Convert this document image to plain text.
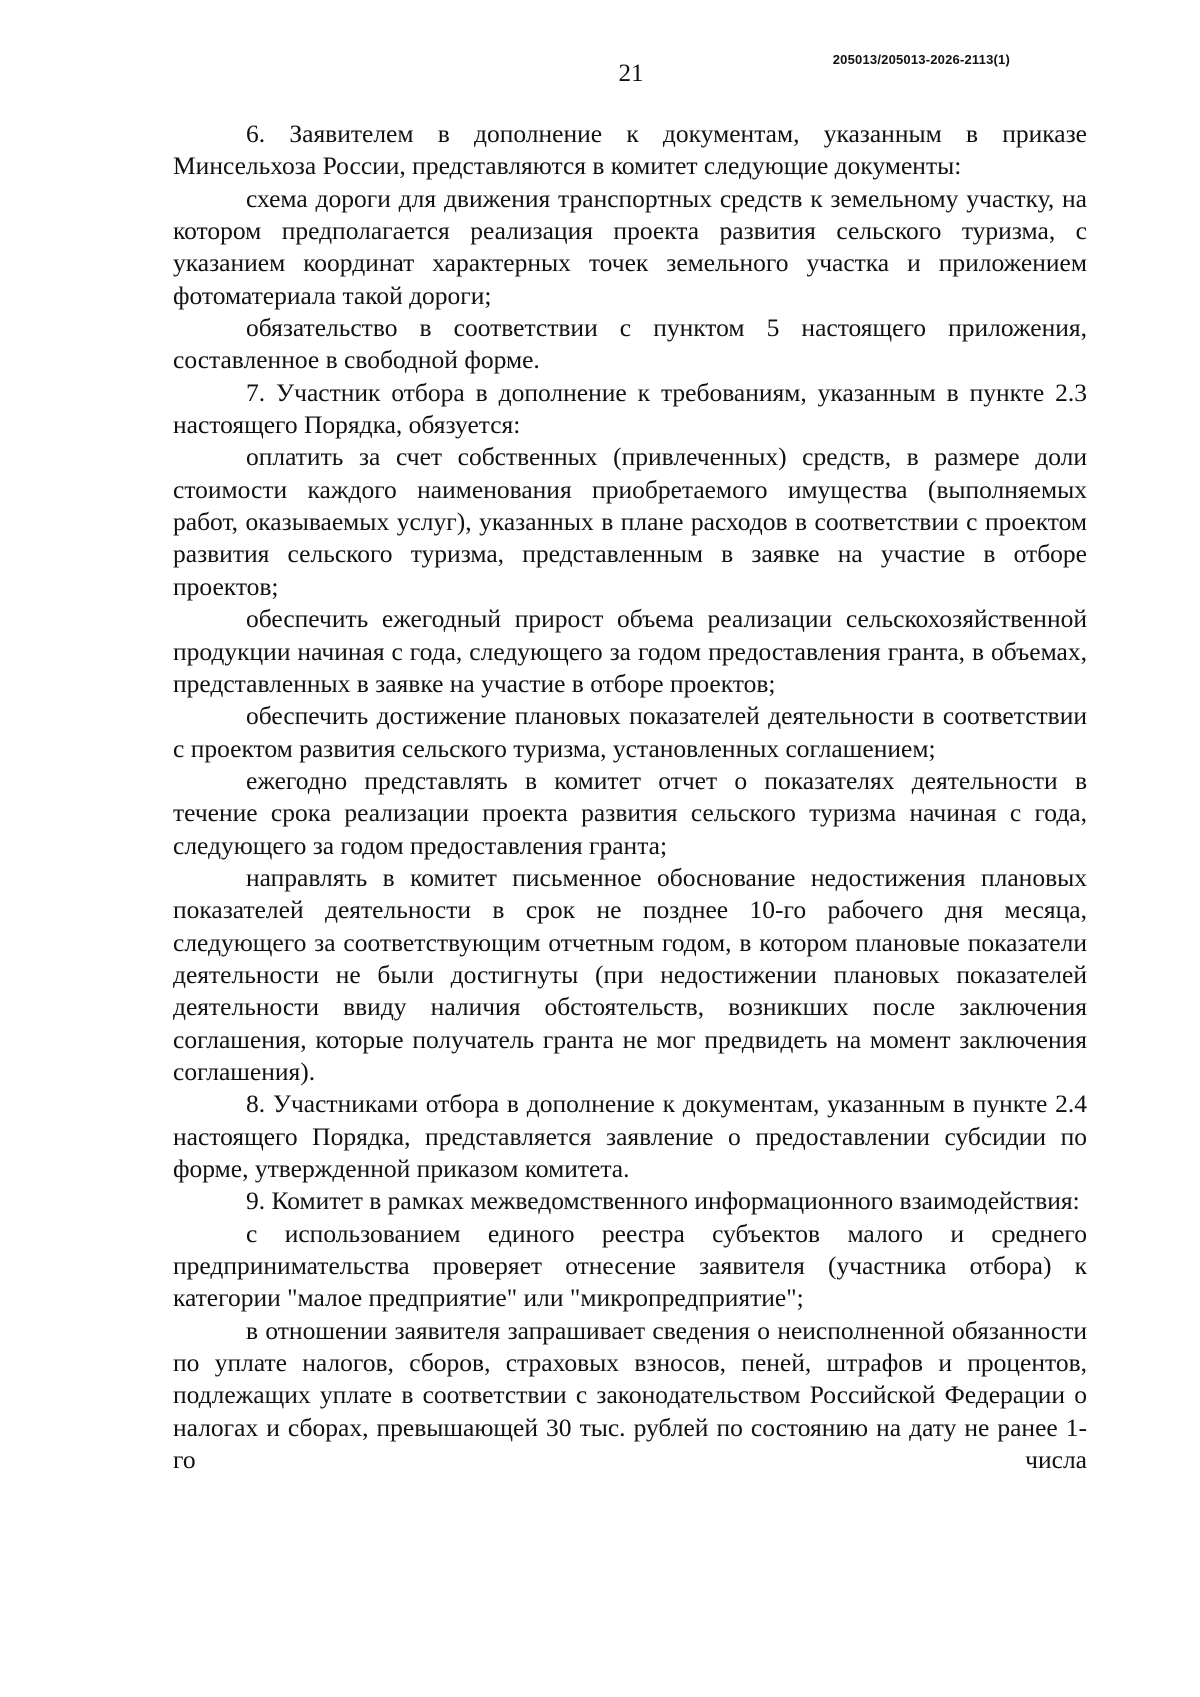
205013/205013-2026-2113(1)
21

6. Заявителем в дополнение к документам, указанным в приказе Минсельхоза России, представляются в комитет следующие документы:

схема дороги для движения транспортных средств к земельному участку, на котором предполагается реализация проекта развития сельского туризма, с указанием координат характерных точек земельного участка и приложением фотоматериала такой дороги;

обязательство в соответствии с пунктом 5 настоящего приложения, составленное в свободной форме.

7. Участник отбора в дополнение к требованиям, указанным в пункте 2.3 настоящего Порядка, обязуется:

оплатить за счет собственных (привлеченных) средств, в размере доли стоимости каждого наименования приобретаемого имущества (выполняемых работ, оказываемых услуг), указанных в плане расходов в соответствии с проектом развития сельского туризма, представленным в заявке на участие в отборе проектов;

обеспечить ежегодный прирост объема реализации сельскохозяйственной продукции начиная с года, следующего за годом предоставления гранта, в объемах, представленных в заявке на участие в отборе проектов;

обеспечить достижение плановых показателей деятельности в соответствии с проектом развития сельского туризма, установленных соглашением;

ежегодно представлять в комитет отчет о показателях деятельности в течение срока реализации проекта развития сельского туризма начиная с года, следующего за годом предоставления гранта;

направлять в комитет письменное обоснование недостижения плановых показателей деятельности в срок не позднее 10-го рабочего дня месяца, следующего за соответствующим отчетным годом, в котором плановые показатели деятельности не были достигнуты (при недостижении плановых показателей деятельности ввиду наличия обстоятельств, возникших после заключения соглашения, которые получатель гранта не мог предвидеть на момент заключения соглашения).

8. Участниками отбора в дополнение к документам, указанным в пункте 2.4 настоящего Порядка, представляется заявление о предоставлении субсидии по форме, утвержденной приказом комитета.

9. Комитет в рамках межведомственного информационного взаимодействия:

с использованием единого реестра субъектов малого и среднего предпринимательства проверяет отнесение заявителя (участника отбора) к категории "малое предприятие" или "микропредприятие";

в отношении заявителя запрашивает сведения о неисполненной обязанности по уплате налогов, сборов, страховых взносов, пеней, штрафов и процентов, подлежащих уплате в соответствии с законодательством Российской Федерации о налогах и сборах, превышающей 30 тыс. рублей по состоянию на дату не ранее 1-го числа
